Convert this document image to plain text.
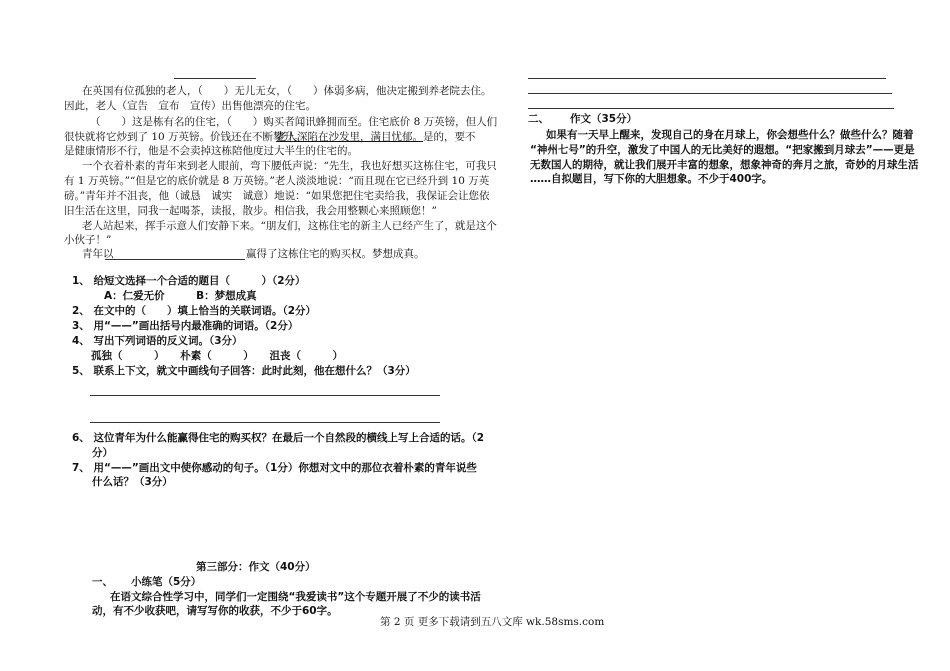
在英国有位孤独的老人，（　　）无儿无女，（　　）体弱多病，他决定搬到养老院去住。
因此，老人（宣告　宣布　宣传）出售他漂亮的住宅。
（　　）这是栋有名的住宅，（　　）购买者闻讯蜂拥而至。住宅底价 8 万英镑，但人们
很快就将它炒到了 10 万英镑。价钱还在不断攀升。
老人深陷在沙发里，满目忧郁。是的，要不
是健康情形不行，他是不会卖掉这栋陪他度过大半生的住宅的。
一个衣着朴素的青年来到老人眼前，弯下腰低声说：“先生，我也好想买这栋住宅，可我只
有 1 万英镑。”“但是它的底价就是 8 万英镑。”老人淡淡地说：“而且现在它已经升到 10 万英
磅。”青年并不沮丧，他（诚恳　诚实　诚意）地说：“如果您把住宅卖给我，我保证会让您依
旧生活在这里，同我一起喝茶，读报，散步。相信我，我会用整颗心来照顾您！”
老人站起来，挥手示意人们安静下来。“朋友们，这栋住宅的新主人已经产生了，就是这个
小伙子！”
青年以	赢得了这栋住宅的购买权。梦想成真。
1、 给短文选择一个合适的题目（　　　）（2分）
A：仁爱无价　　　B：梦想成真
2、 在文中的（　　）填上恰当的关联词语。（2分）
3、 用“——”画出括号内最准确的词语。（2分）
4、 写出下列词语的反义词。（3分）
孤独（　　　）　　朴素（　　　）　　沮丧（　　　）
5、 联系上下文，就文中画线句子回答：此时此刻，他在想什么？（3分）
6、 这位青年为什么能赢得住宅的购买权？在最后一个自然段的横线上写上合适的话。（2
分）
7、 用“——”画出文中使你感动的句子。（1分）你想对文中的那位衣着朴素的青年说些
什么话？（3分）
第三部分：作文（40分）
一、 小练笔（5分）
在语文综合性学习中，同学们一定围绕“我爱读书”这个专题开展了不少的读书活
动，有不少收获吧，请写写你的收获，不少于60字。
二、 作文（35分）
如果有一天早上醒来，发现自己的身在月球上，你会想些什么？做些什么？随着
“神州七号”的升空，激发了中国人的无比美好的遐想。“把家搬到月球去”——更是
无数国人的期待，就让我们展开丰富的想象，想象神奇的奔月之旅，奇妙的月球生活
……自拟题目，写下你的大胆想象。不少于400字。
第 2 页 更多下载请到五八文库 wk.58sms.com
